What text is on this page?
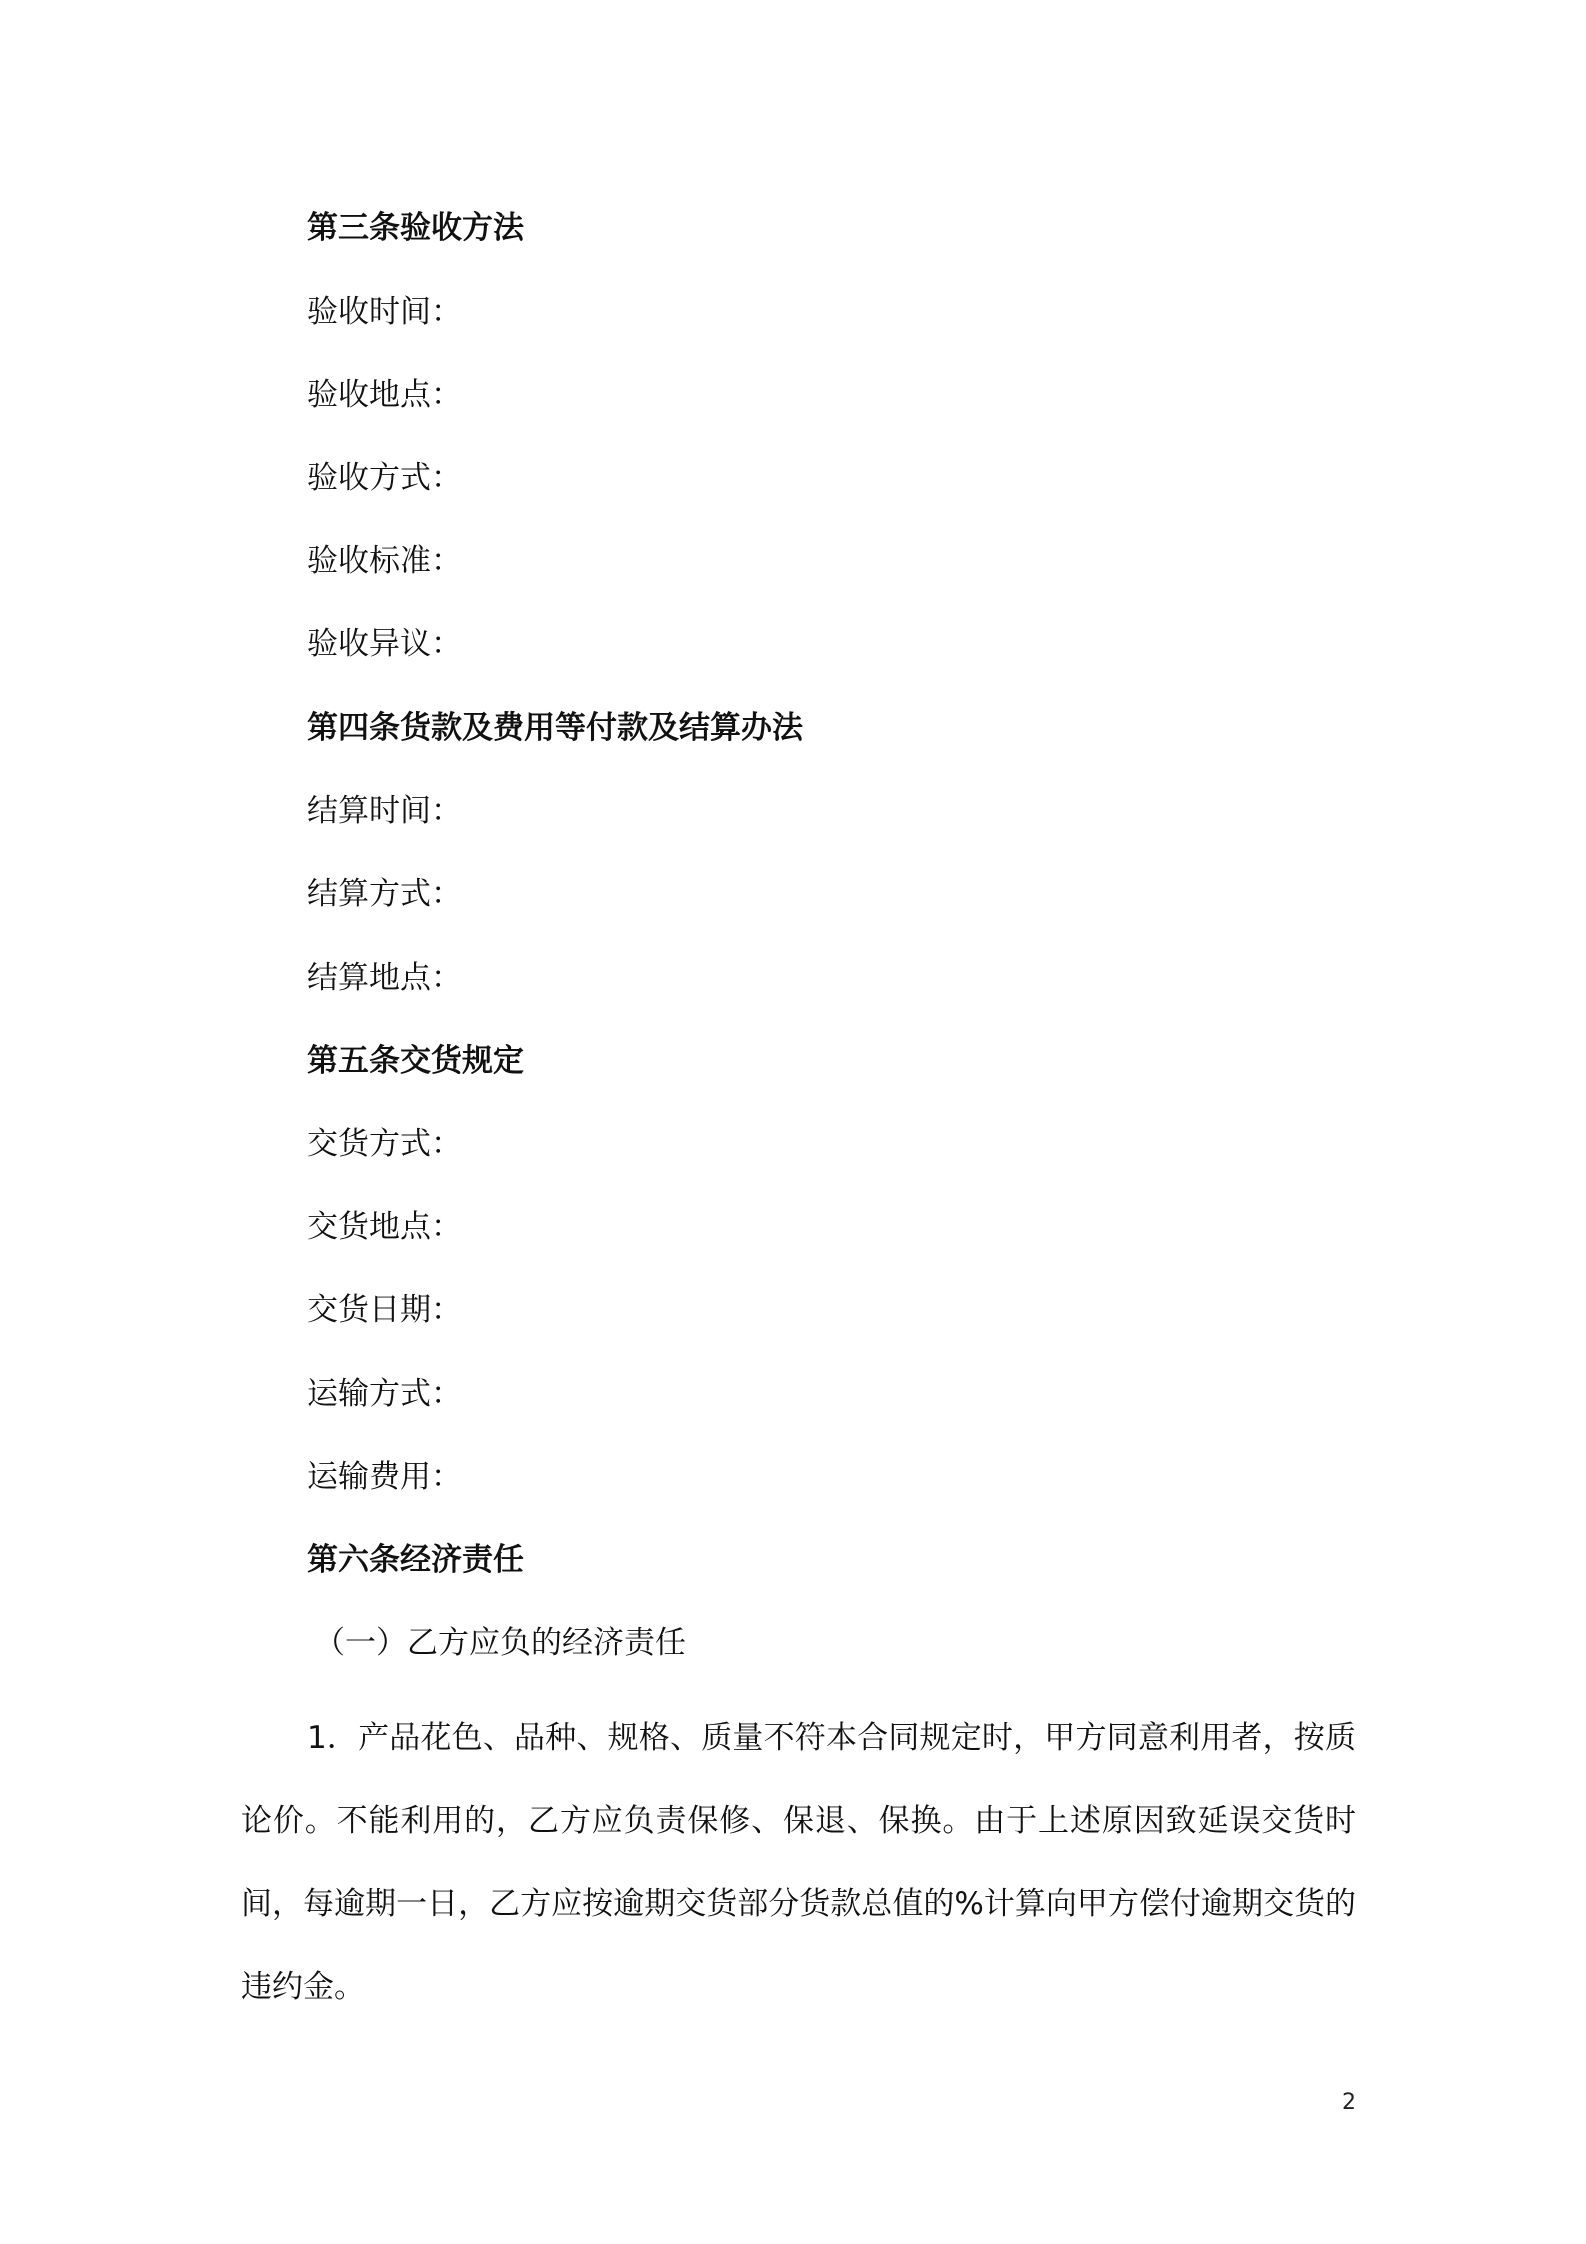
第三条验收方法
验收时间：
验收地点：
验收方式：
验收标准：
验收异议：
第四条货款及费用等付款及结算办法
结算时间：
结算方式：
结算地点：
第五条交货规定
交货方式：
交货地点：
交货日期：
运输方式：
运输费用：
第六条经济责任
（一）乙方应负的经济责任

1．产品花色、品种、规格、质量不符本合同规定时，甲方同意利用者，按质论价。不能利用的，乙方应负责保修、保退、保换。由于上述原因致延误交货时间，每逾期一日，乙方应按逾期交货部分货款总值的%计算向甲方偿付逾期交货的违约金。

2
